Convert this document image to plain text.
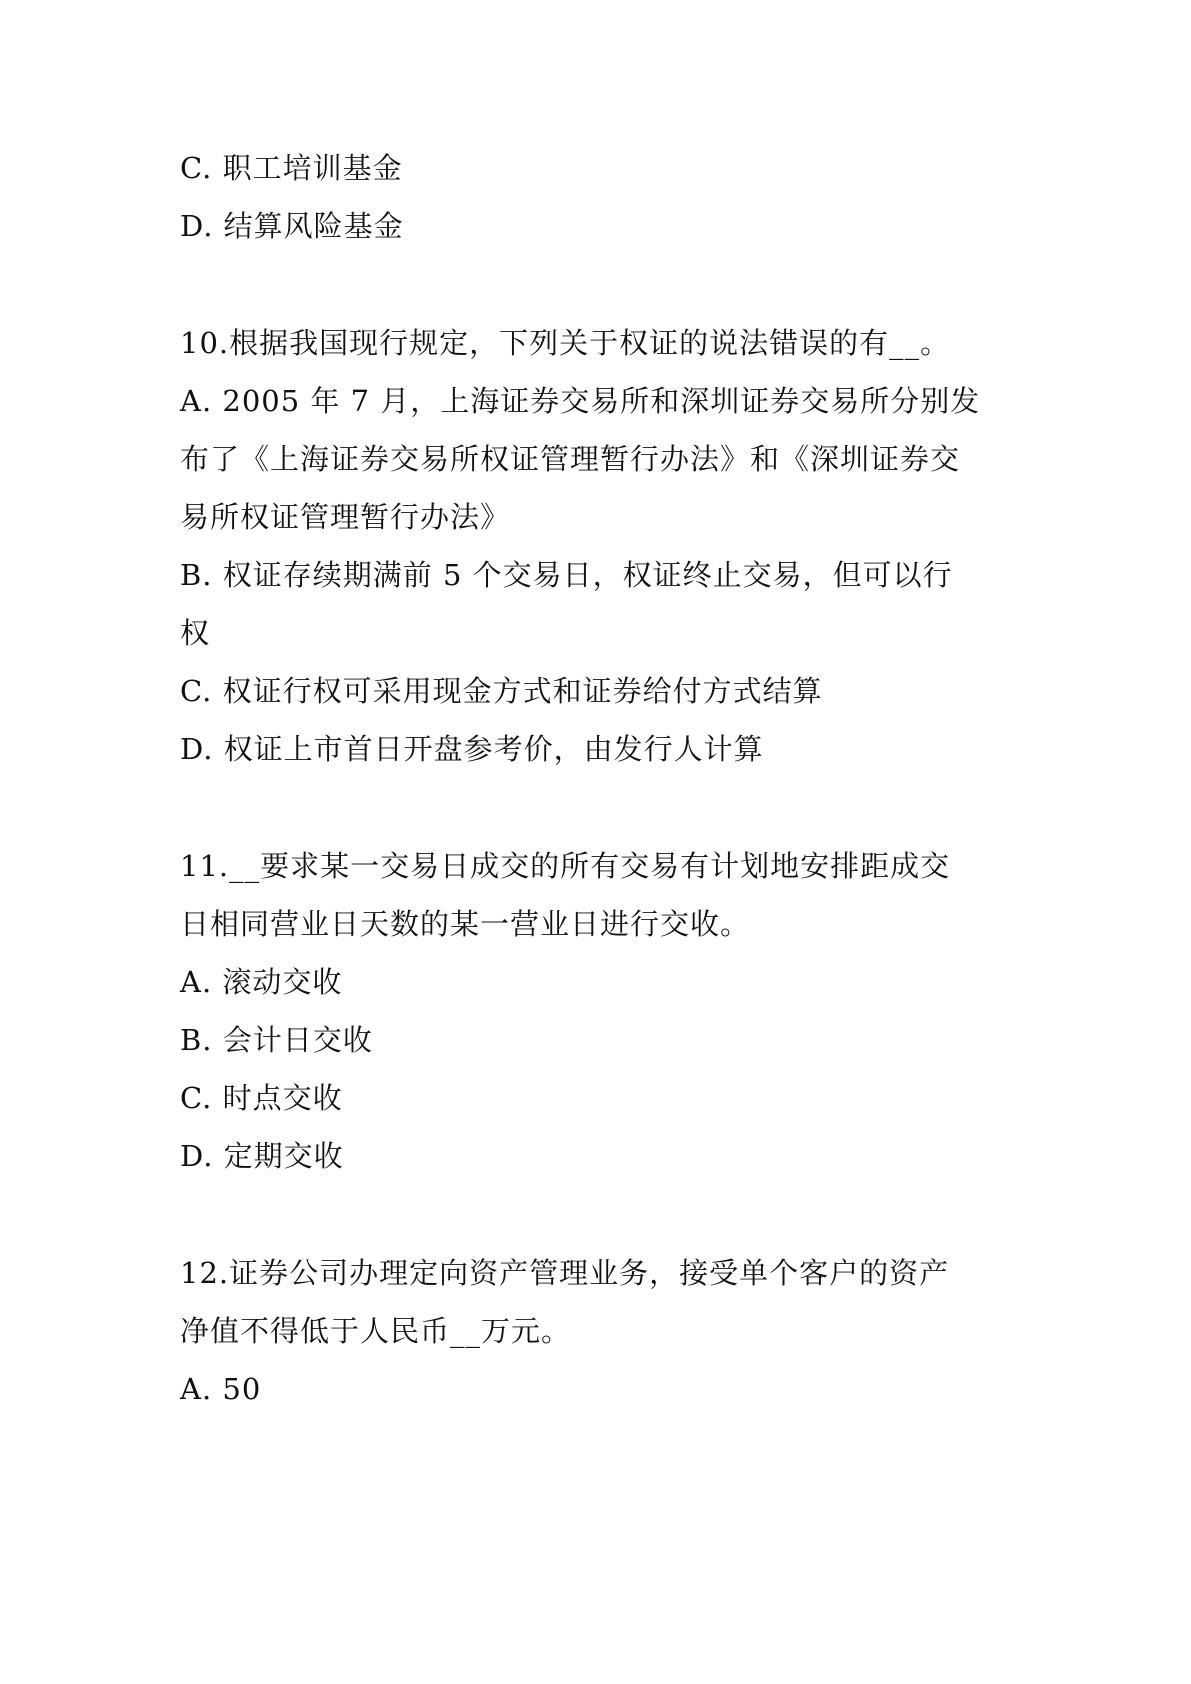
C. 职工培训基金
D. 结算风险基金
10.根据我国现行规定，下列关于权证的说法错误的有__。
A. 2005 年 7 月，上海证券交易所和深圳证券交易所分别发
布了《上海证券交易所权证管理暂行办法》和《深圳证券交
易所权证管理暂行办法》
B. 权证存续期满前 5 个交易日，权证终止交易，但可以行
权
C. 权证行权可采用现金方式和证券给付方式结算
D. 权证上市首日开盘参考价，由发行人计算
11.__要求某一交易日成交的所有交易有计划地安排距成交
日相同营业日天数的某一营业日进行交收。
A. 滚动交收
B. 会计日交收
C. 时点交收
D. 定期交收
12.证券公司办理定向资产管理业务，接受单个客户的资产
净值不得低于人民币__万元。
A. 50
